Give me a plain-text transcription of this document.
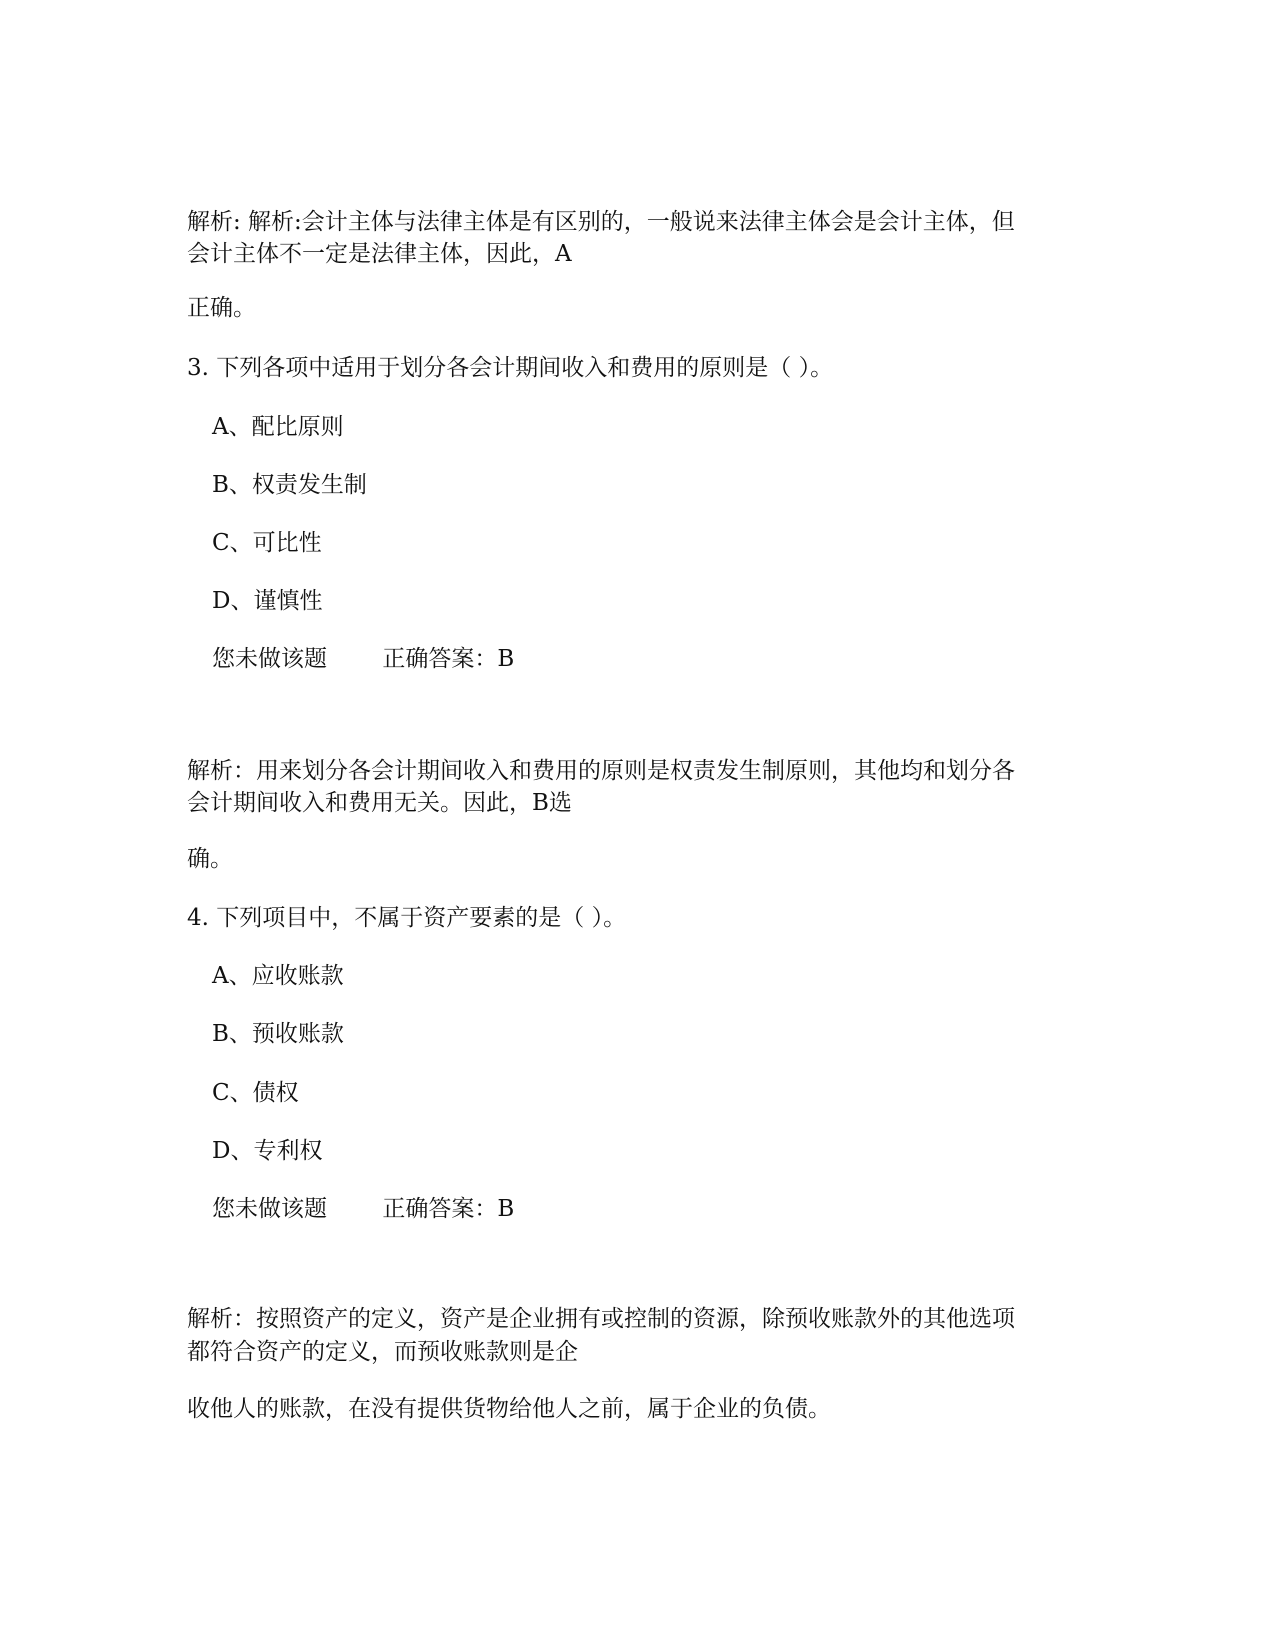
解析: 解析:会计主体与法律主体是有区别的，一般说来法律主体会是会计主体，但
会计主体不一定是法律主体，因此，A
正确。
3. 下列各项中适用于划分各会计期间收入和费用的原则是（ ）。
A、配比原则
B、权责发生制
C、可比性
D、谨慎性
您未做该题 正确答案：B
解析：用来划分各会计期间收入和费用的原则是权责发生制原则，其他均和划分各
会计期间收入和费用无关。因此，B选
确。
4. 下列项目中，不属于资产要素的是（ ）。
A、应收账款
B、预收账款
C、债权
D、专利权
您未做该题 正确答案：B
解析：按照资产的定义，资产是企业拥有或控制的资源，除预收账款外的其他选项
都符合资产的定义，而预收账款则是企
收他人的账款，在没有提供货物给他人之前，属于企业的负债。
